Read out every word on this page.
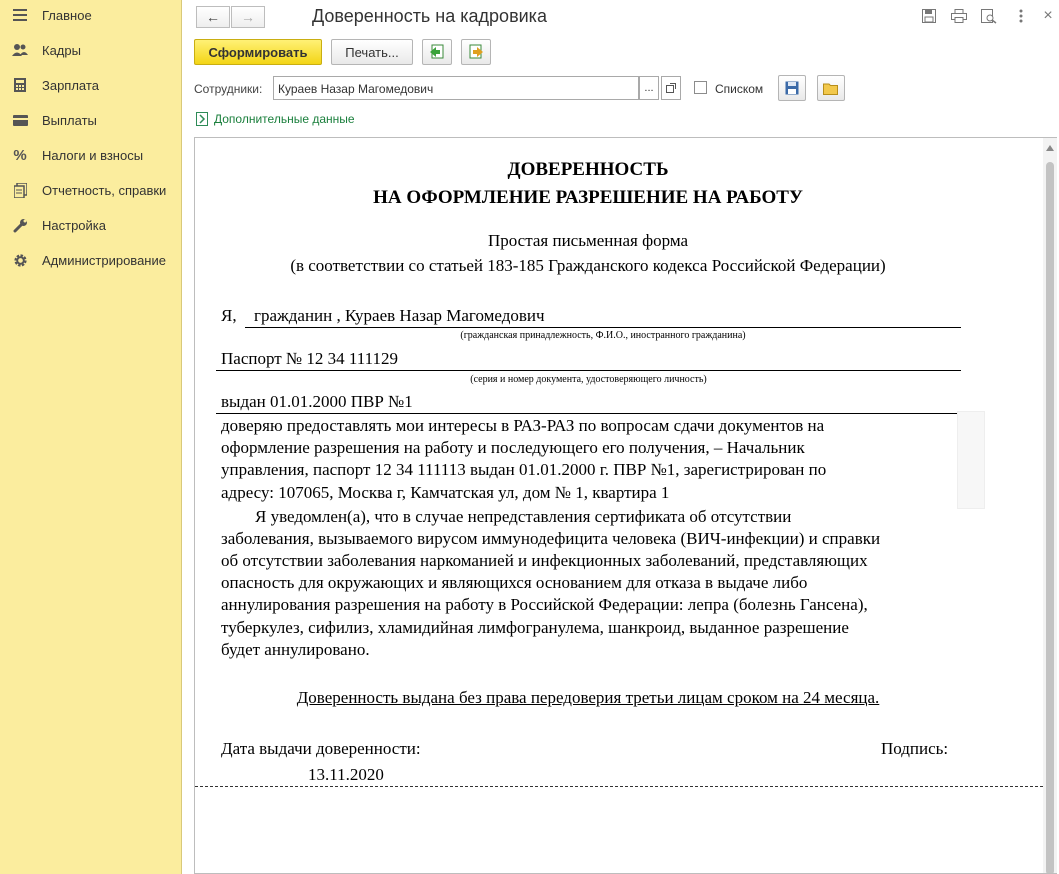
Главное
Кадры
Зарплата
Выплаты
% Налоги и взносы
Отчетность, справки
Настройка
Администрирование
← →	Доверенность на кадровика	×
Сформировать	Печать...
Сотрудники:	Кураев Назар Магомедович	...	Списком
Дополнительные данные
ДОВЕРЕННОСТЬ
НА ОФОРМЛЕНИЕ РАЗРЕШЕНИЕ НА РАБОТУ
Простая письменная форма
(в соответствии со статьей 183-185 Гражданского кодекса Российской Федерации)
Я, гражданин , Кураев Назар Магомедович
(гражданская принадлежность, Ф.И.О., иностранного гражданина)
Паспорт № 12 34 111129
(серия и номер документа, удостоверяющего личность)
выдан 01.01.2000 ПВР №1
доверяю предоставлять мои интересы в РАЗ-РАЗ по вопросам сдачи документов на
оформление разрешения на работу и последующего его получения, – Начальник
управления, паспорт 12 34 111113 выдан 01.01.2000 г. ПВР №1, зарегистрирован по
адресу: 107065, Москва г, Камчатская ул, дом № 1, квартира 1
Я уведомлен(а), что в случае непредставления сертификата об отсутствии
заболевания, вызываемого вирусом иммунодефицита человека (ВИЧ-инфекции) и справки
об отсутствии заболевания наркоманией и инфекционных заболеваний, представляющих
опасность для окружающих и являющихся основанием для отказа в выдаче либо
аннулирования разрешения на работу в Российской Федерации: лепра (болезнь Гансена),
туберкулез, сифилиз, хламидийная лимфогранулема, шанкроид, выданное разрешение
будет аннулировано.
Доверенность выдана без права передоверия третьи лицам сроком на 24 месяца.
Дата выдачи доверенности:	Подпись:
13.11.2020
